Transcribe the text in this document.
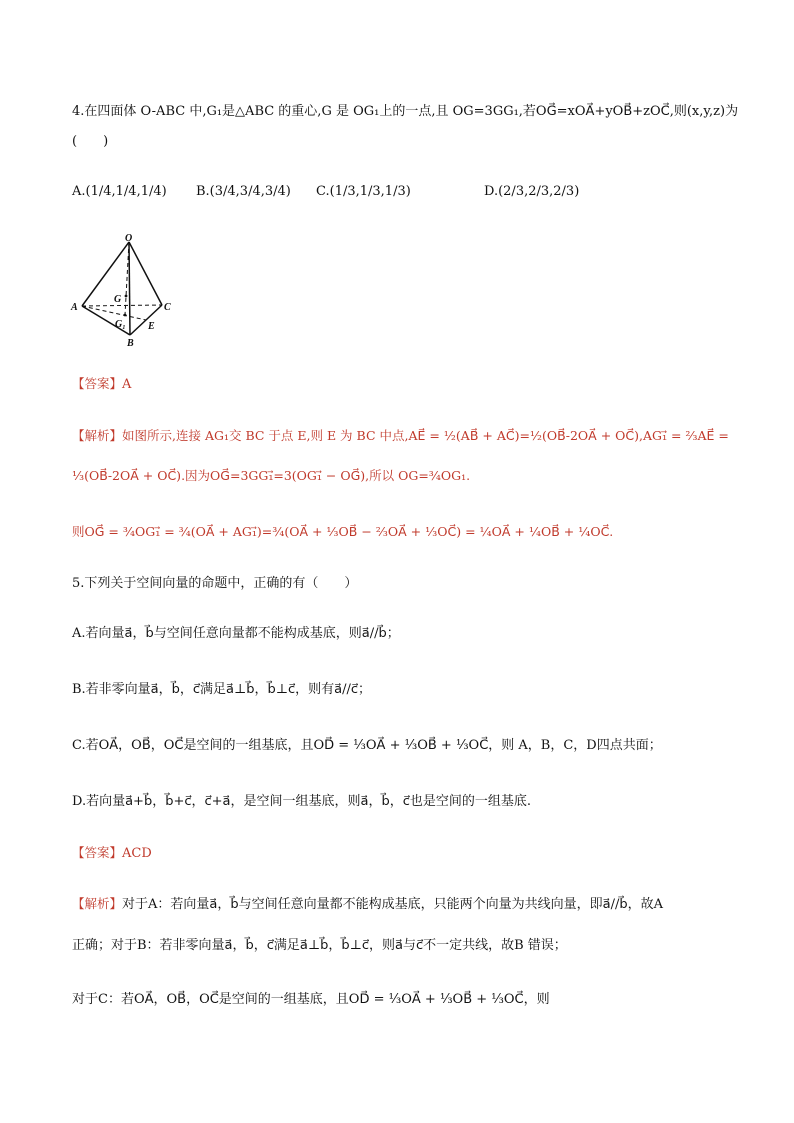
4.在四面体 O-ABC 中,G₁是△ABC 的重心,G 是 OG₁上的一点,且 OG=3GG₁,若OG⃗=xOA⃗+yOB⃗+zOC⃗,则(x,y,z)为
(　　)
A.(1/4,1/4,1/4) B.(3/4,3/4,3/4) C.(1/3,1/3,1/3)	D.(2/3,2/3,2/3)
O
A	C
B
G
G₁ E
【答案】A
【解析】如图所示,连接 AG₁交 BC 于点 E,则 E 为 BC 中点,AE⃗ = ½(AB⃗ + AC⃗)=½(OB⃗-2OA⃗ + OC⃗),AG₁⃗ = ⅔AE⃗ =
⅓(OB⃗-2OA⃗ + OC⃗).因为OG⃗=3GG₁⃗=3(OG₁⃗ − OG⃗),所以 OG=¾OG₁.
则OG⃗ = ¾OG₁⃗ = ¾(OA⃗ + AG₁⃗)=¾(OA⃗ + ⅓OB⃗ − ⅔OA⃗ + ⅓OC⃗) = ¼OA⃗ + ¼OB⃗ + ¼OC⃗.
5.下列关于空间向量的命题中，正确的有（　　）
A.若向量a⃗，b⃗与空间任意向量都不能构成基底，则a⃗//b⃗；
B.若非零向量a⃗，b⃗，c⃗满足a⃗⊥b⃗，b⃗⊥c⃗，则有a⃗//c⃗；
C.若OA⃗，OB⃗，OC⃗是空间的一组基底，且OD⃗ = ⅓OA⃗ + ⅓OB⃗ + ⅓OC⃗，则 A，B，C，D四点共面；
D.若向量a⃗+b⃗，b⃗+c⃗，c⃗+a⃗，是空间一组基底，则a⃗，b⃗，c⃗也是空间的一组基底.
【答案】ACD
【解析】对于A：若向量a⃗，b⃗与空间任意向量都不能构成基底，只能两个向量为共线向量，即a⃗//b⃗，故A
正确；对于B：若非零向量a⃗，b⃗，c⃗满足a⃗⊥b⃗，b⃗⊥c⃗，则a⃗与c⃗不一定共线，故B 错误；
对于C：若OA⃗，OB⃗，OC⃗是空间的一组基底，且OD⃗ = ⅓OA⃗ + ⅓OB⃗ + ⅓OC⃗，则
